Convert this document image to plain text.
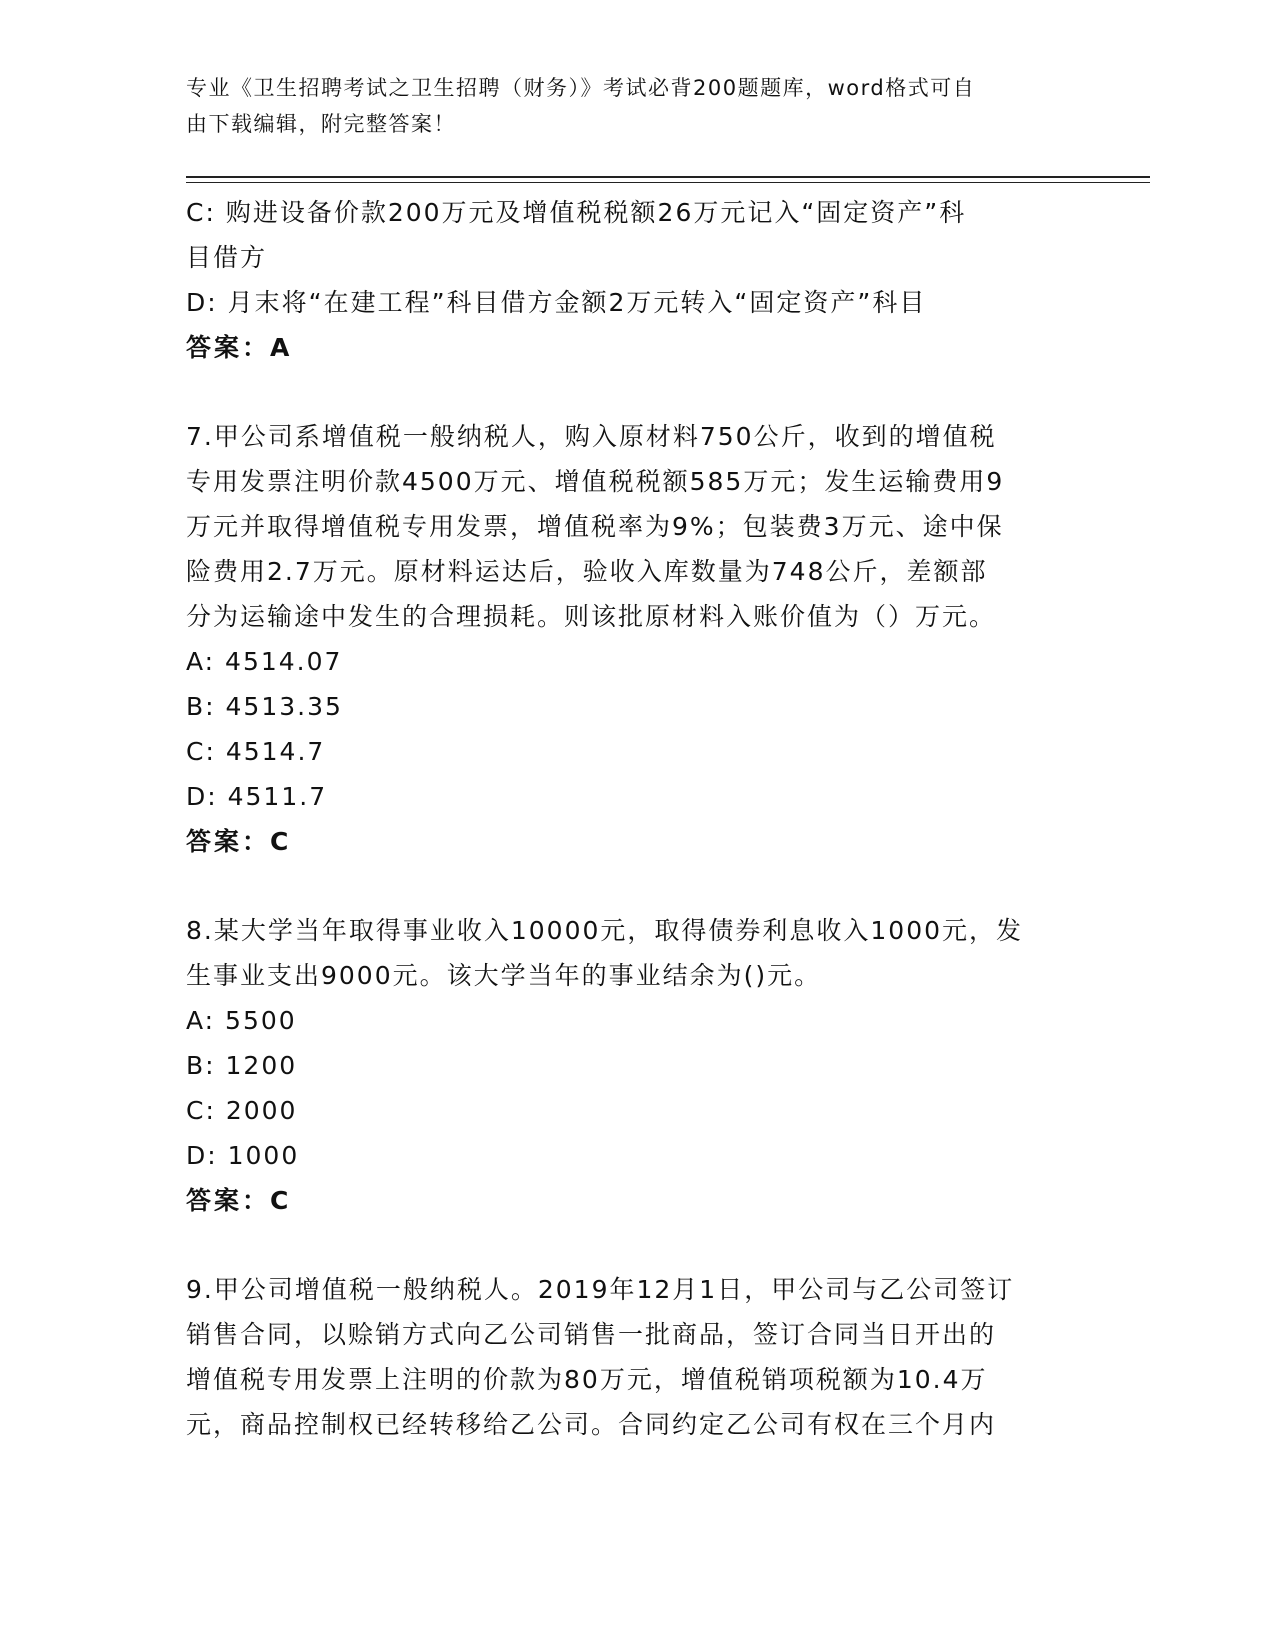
专业《卫生招聘考试之卫生招聘（财务）》考试必背200题题库，word格式可自
由下载编辑，附完整答案！
C: 购进设备价款200万元及增值税税额26万元记入“固定资产”科
目借方
D: 月末将“在建工程”科目借方金额2万元转入“固定资产”科目
答案：A
7.甲公司系增值税一般纳税人，购入原材料750公斤，收到的增值税
专用发票注明价款4500万元、增值税税额585万元；发生运输费用9
万元并取得增值税专用发票，增值税率为9%；包装费3万元、途中保
险费用2.7万元。原材料运达后，验收入库数量为748公斤，差额部
分为运输途中发生的合理损耗。则该批原材料入账价值为（）万元。
A: 4514.07
B: 4513.35
C: 4514.7
D: 4511.7
答案：C
8.某大学当年取得事业收入10000元，取得债券利息收入1000元，发
生事业支出9000元。该大学当年的事业结余为()元。
A: 5500
B: 1200
C: 2000
D: 1000
答案：C
9.甲公司增值税一般纳税人。2019年12月1日，甲公司与乙公司签订
销售合同，以赊销方式向乙公司销售一批商品，签订合同当日开出的
增值税专用发票上注明的价款为80万元，增值税销项税额为10.4万
元，商品控制权已经转移给乙公司。合同约定乙公司有权在三个月内
